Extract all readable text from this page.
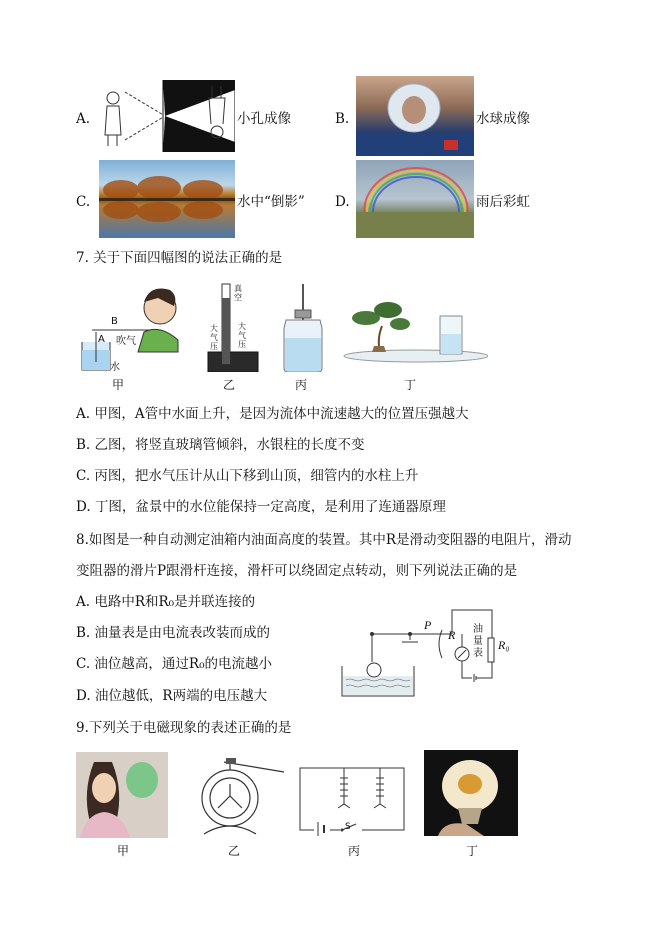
A.	小孔成像	B.	水球成像
C.	水中“倒影” D.	雨后彩虹
7. 关于下面四幅图的说法正确的是
B
A 吹气
水
甲
真空
大气压
大气压
乙	丙	丁
A. 甲图，A管中水面上升，是因为流体中流速越大的位置压强越大
B. 乙图，将竖直玻璃管倾斜，水银柱的长度不变
C. 丙图，把水气压计从山下移到山顶，细管内的水柱上升
D. 丁图，盆景中的水位能保持一定高度，是利用了连通器原理
8.如图是一种自动测定油箱内油面高度的装置。其中R是滑动变阻器的电阻片，滑动
变阻器的滑片P跟滑杆连接，滑杆可以绕固定点转动，则下列说法正确的是
A. 电路中R和R₀是并联连接的
B. 油量表是由电流表改装而成的
C. 油位越高，通过R₀的电流越小
D. 油位越低，R两端的电压越大
P
R 油量表
R₀
9.下列关于电磁现象的表述正确的是
甲	乙
S
丙	丁
